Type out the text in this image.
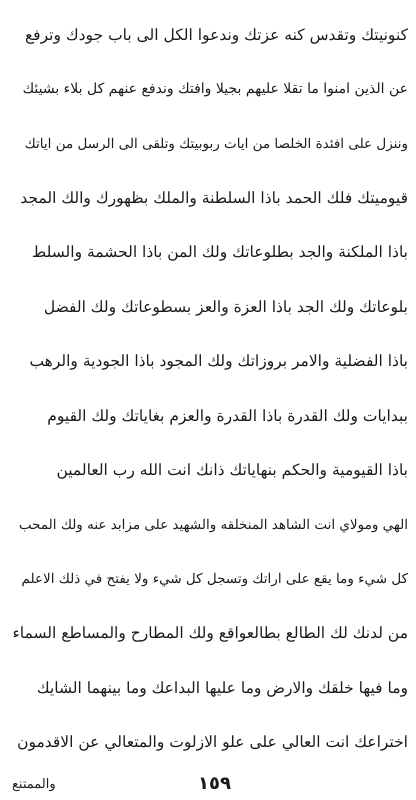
كنونيتك وتقدس كنه عزتك وندعوا الكل الى باب جودك وترفع
عن الذين امنوا ما تقلا عليهم بجيلا وافتك وندفع عنهم كل بلاء بشيئك
وننزل على افئدة الخلصا من ايات ربوبيتك وتلقى الى الرسل من اياتك
قيوميتك فلك الحمد باذا السلطنة والملك بظهورك والك المجد
باذا الملكنة والجد بطلوعاتك ولك المن باذا الحشمة والسلط
بلوعاتك ولك الجد باذا العزة والعز بسطوعاتك ولك الفضل
باذا الفضلية والامر بروزاتك ولك المجود باذا الجودية والرهب
ببدايات ولك القدرة باذا القدرة والعزم بغاياتك ولك القيوم
باذا القيومية والحكم بنهاياتك ذانك انت الله رب العالمين
الهي ومولاي انت الشاهد المنخلقه والشهيد على مزابد عنه ولك المحب
كل شيء وما يقع على اراتك وتسجل كل شيء ولا يفتح في ذلك الاعلم
من لدنك لك الطالع بطالعواقع ولك المطارح والمساطع السماء
وما فيها خلقك والارض وما عليها البداعك وما بينهما الشايك
اختراعك انت العالي على علو الازلوت والمتعالي عن الاقدمون
والممتنع	١٥٩
